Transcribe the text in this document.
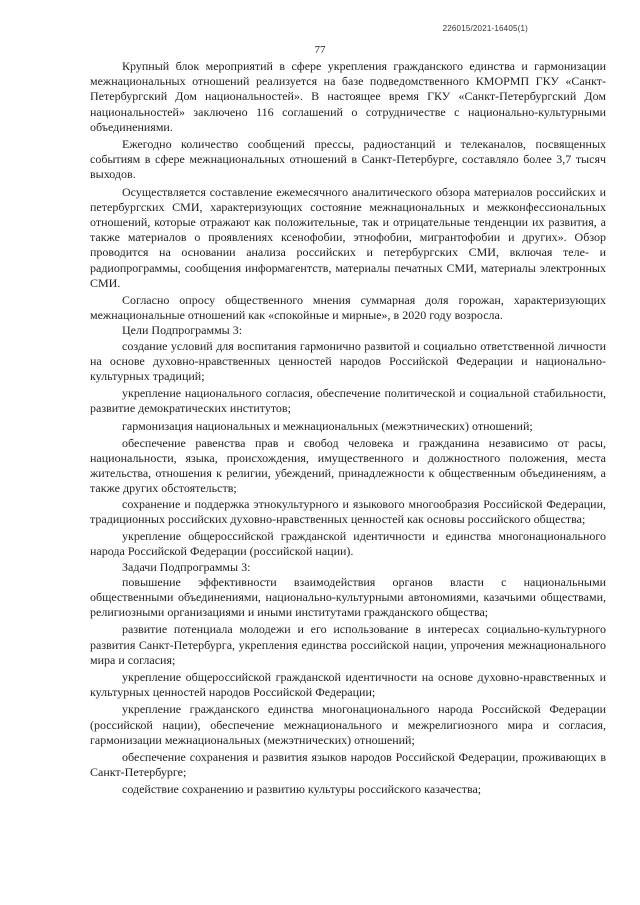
226015/2021-16405(1)
77

Крупный блок мероприятий в сфере укрепления гражданского единства и гармонизации межнациональных отношений реализуется на базе подведомственного КМОРМП ГКУ «Санкт-Петербургский Дом национальностей». В настоящее время ГКУ «Санкт-Петербургский Дом национальностей» заключено 116 соглашений о сотрудничестве с национально-культурными объединениями.

Ежегодно количество сообщений прессы, радиостанций и телеканалов, посвященных событиям в сфере межнациональных отношений в Санкт-Петербурге, составляло более 3,7 тысяч выходов.

Осуществляется составление ежемесячного аналитического обзора материалов российских и петербургских СМИ, характеризующих состояние межнациональных и межконфессиональных отношений, которые отражают как положительные, так и отрицательные тенденции их развития, а также материалов о проявлениях ксенофобии, этнофобии, мигрантофобии и других». Обзор проводится на основании анализа российских и петербургских СМИ, включая теле- и радиопрограммы, сообщения информагентств, материалы печатных СМИ, материалы электронных СМИ.

Согласно опросу общественного мнения суммарная доля горожан, характеризующих межнациональные отношений как «спокойные и мирные», в 2020 году возросла.

Цели Подпрограммы 3:

создание условий для воспитания гармонично развитой и социально ответственной личности на основе духовно-нравственных ценностей народов Российской Федерации и национально-культурных традиций;

укрепление национального согласия, обеспечение политической и социальной стабильности, развитие демократических институтов;

гармонизация национальных и межнациональных (межэтнических) отношений;

обеспечение равенства прав и свобод человека и гражданина независимо от расы, национальности, языка, происхождения, имущественного и должностного положения, места жительства, отношения к религии, убеждений, принадлежности к общественным объединениям, а также других обстоятельств;

сохранение и поддержка этнокультурного и языкового многообразия Российской Федерации, традиционных российских духовно-нравственных ценностей как основы российского общества;

укрепление общероссийской гражданской идентичности и единства многонационального народа Российской Федерации (российской нации).

Задачи Подпрограммы 3:

повышение эффективности взаимодействия органов власти с национальными общественными объединениями, национально-культурными автономиями, казачьими обществами, религиозными организациями и иными институтами гражданского общества;

развитие потенциала молодежи и его использование в интересах социально-культурного развития Санкт-Петербурга, укрепления единства российской нации, упрочения межнационального мира и согласия;

укрепление общероссийской гражданской идентичности на основе духовно-нравственных и культурных ценностей народов Российской Федерации;

укрепление гражданского единства многонационального народа Российской Федерации (российской нации), обеспечение межнационального и межрелигиозного мира и согласия, гармонизации межнациональных (межэтнических) отношений;

обеспечение сохранения и развития языков народов Российской Федерации, проживающих в Санкт-Петербурге;

содействие сохранению и развитию культуры российского казачества;
